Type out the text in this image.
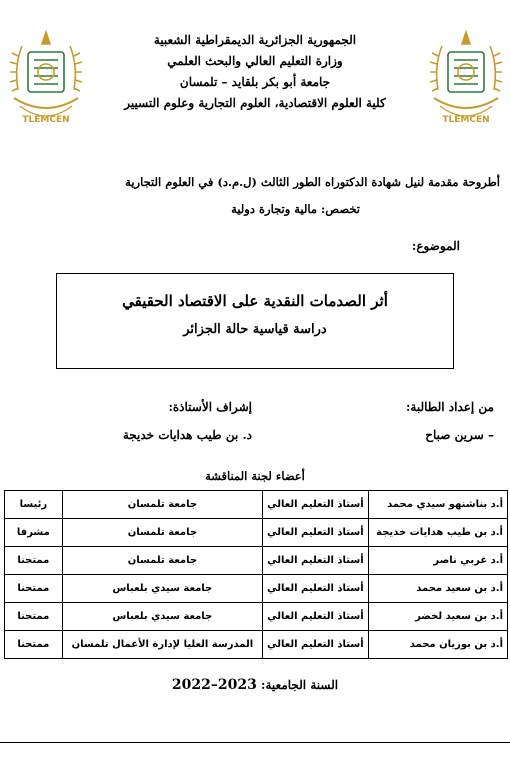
TLEMCEN	TLEMCEN
الجمهورية الجزائرية الديمقراطية الشعبية
وزارة التعليم العالي والبحث العلمي
جامعة أبو بكر بلقايد – تلمسان
كلية العلوم الاقتصادية، العلوم التجارية وعلوم التسيير
أطروحة مقدمة لنيل شهادة الدكتوراه الطور الثالث (ل.م.د) في العلوم التجارية
تخصص: مالية وتجارة دولية
الموضوع:
أثر الصدمات النقدية على الاقتصاد الحقيقي
دراسة قياسية حالة الجزائر
من إعداد الطالبة:
إشراف الأستاذة:
– سرين صباح
د. بن طيب هدايات خديجة
أعضاء لجنة المناقشة
أ.د بناشنهو سيدي محمد	أستاذ التعليم العالي	جامعة تلمسان	رئيسا
أ.د بن طيب هدايات خديجة	أستاذ التعليم العالي	جامعة تلمسان	مشرفا
أ.د غربي ناصر	أستاذ التعليم العالي	جامعة تلمسان	ممتحنا
أ.د بن سعيد محمد	أستاذ التعليم العالي	جامعة سيدي بلعباس	ممتحنا
أ.د بن سعيد لخضر	أستاذ التعليم العالي	جامعة سيدي بلعباس	ممتحنا
أ.د بن بوزيان محمد	أستاذ التعليم العالي	المدرسة العليا لإدارة الأعمال تلمسان	ممتحنا
السنة الجامعية: 2022–2023
